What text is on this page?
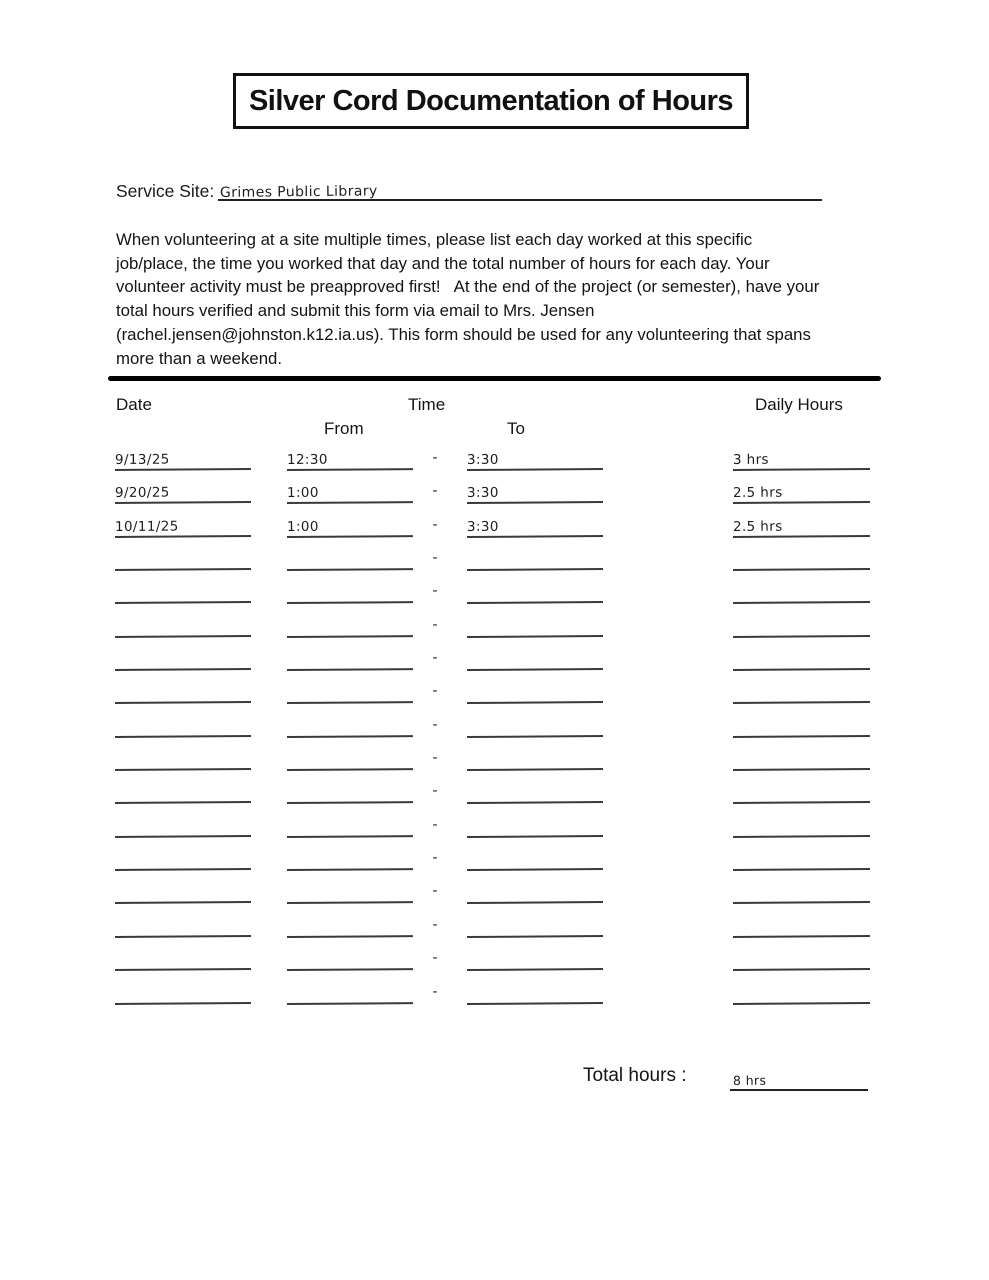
Silver Cord Documentation of Hours
Service Site: Grimes Public Library
When volunteering at a site multiple times, please list each day worked at this specific
job/place, the time you worked that day and the total number of hours for each day. Your
volunteer activity must be preapproved first!   At the end of the project (or semester), have your
total hours verified and submit this form via email to Mrs. Jensen
(rachel.jensen@johnston.k12.ia.us). This form should be used for any volunteering that spans
more than a weekend.
Date	Time	Daily Hours
From	To
9/13/25	12:30	-	3:30	3 hrs
9/20/25	1:00	-	3:30	2.5 hrs
10/11/25	1:00	-	3:30	2.5 hrs
-
-
-
-
-
-
-
-
-
-
-
-
-
-
Total hours :	8 hrs
